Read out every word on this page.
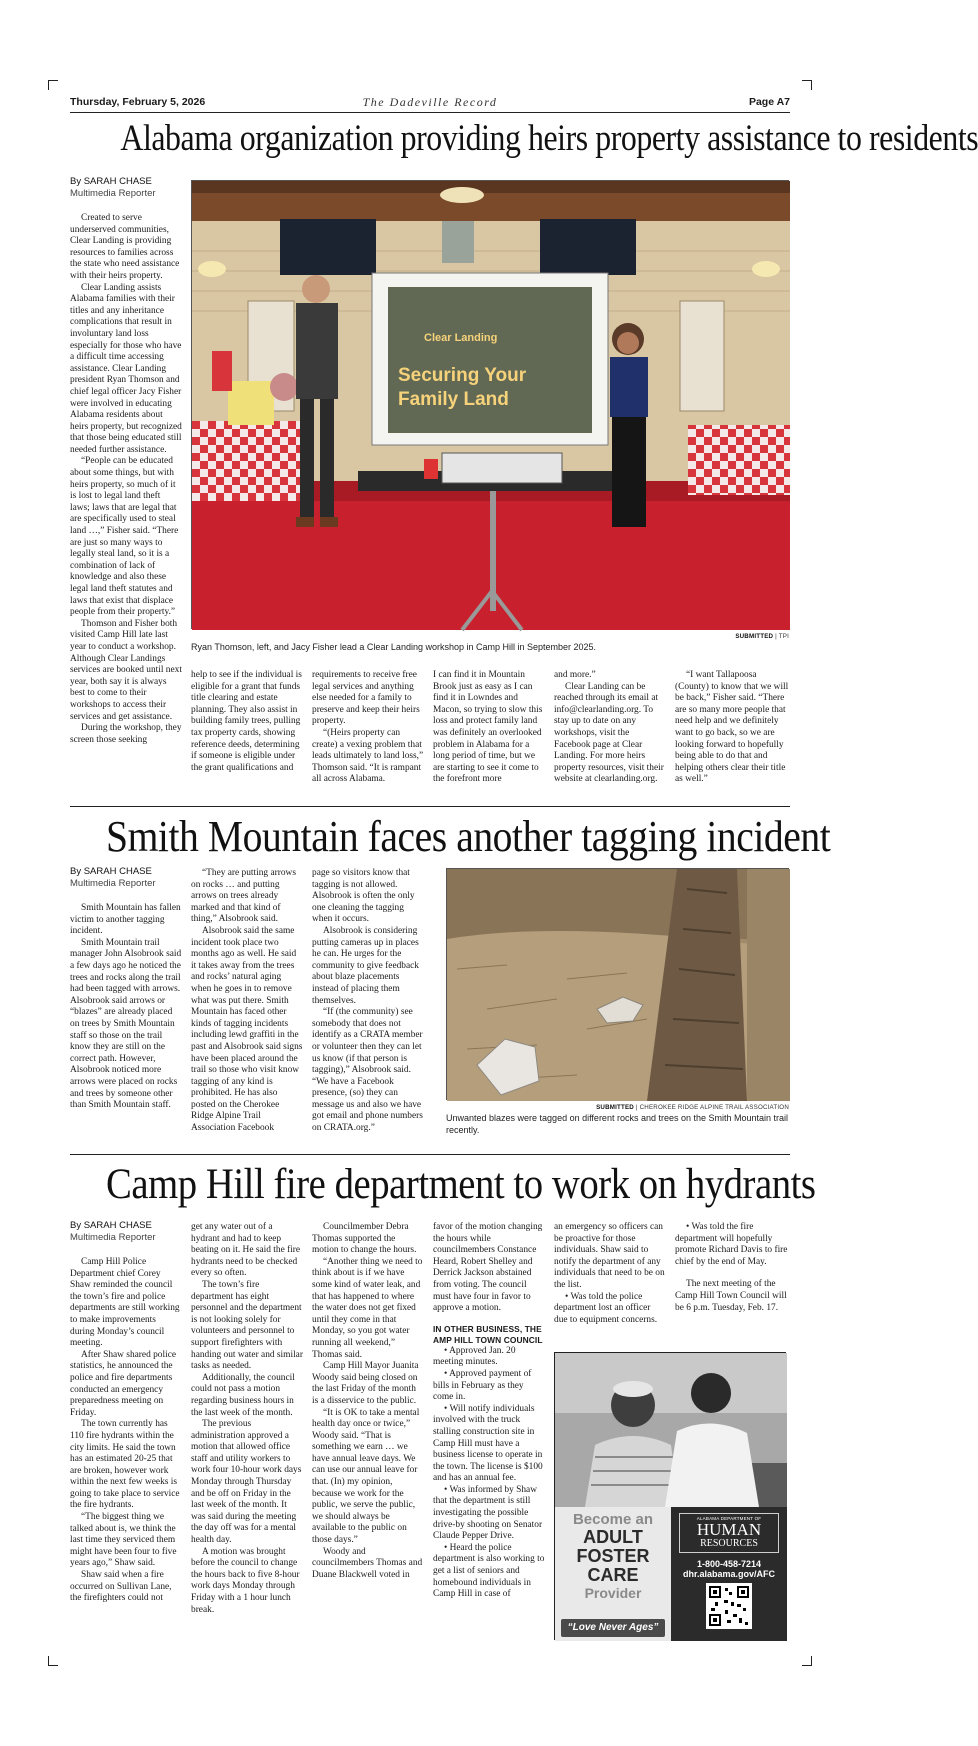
Thursday, February 5, 2026	The Dadeville Record	Page A7
Alabama organization providing heirs property assistance to residents
By SARAH CHASE
Multimedia Reporter

Created to serve underserved communities, Clear Landing is providing resources to families across the state who need assistance with their heirs property.

Clear Landing assists Alabama families with their titles and any inheritance complications that result in involuntary land loss especially for those who have a difficult time accessing assistance. Clear Landing president Ryan Thomson and chief legal officer Jacy Fisher were involved in educating Alabama residents about heirs property, but recognized that those being educated still needed further assistance.

“People can be educated about some things, but with heirs property, so much of it is lost to legal land theft laws; laws that are legal that are specifically used to steal land …,” Fisher said. “There are just so many ways to legally steal land, so it is a combination of lack of knowledge and also these legal land theft statutes and laws that exist that displace people from their property.”

Thomson and Fisher both visited Camp Hill late last year to conduct a workshop. Although Clear Landings services are booked until next year, both say it is always best to come to their workshops to access their services and get assistance.

During the workshop, they screen those seeking

Clear Landing
Securing Your
Family Land
SUBMITTED | TPI
Ryan Thomson, left, and Jacy Fisher lead a Clear Landing workshop in Camp Hill in September 2025.

help to see if the individual is eligible for a grant that funds title clearing and estate planning. They also assist in building family trees, pulling tax property cards, showing reference deeds, determining if someone is eligible under the grant qualifications and

requirements to receive free legal services and anything else needed for a family to preserve and keep their heirs property.

“(Heirs property can create) a vexing problem that leads ultimately to land loss,” Thomson said. “It is rampant all across Alabama.

I can find it in Mountain Brook just as easy as I can find it in Lowndes and Macon, so trying to slow this loss and protect family land was definitely an overlooked problem in Alabama for a long period of time, but we are starting to see it come to the forefront more

and more.”

Clear Landing can be reached through its email at info@clearlanding.org. To stay up to date on any workshops, visit the Facebook page at Clear Landing. For more heirs property resources, visit their website at clearlanding.org.

“I want Tallapoosa (County) to know that we will be back,” Fisher said. “There are so many more people that need help and we definitely want to go back, so we are looking forward to hopefully being able to do that and helping others clear their title as well.”

Smith Mountain faces another tagging incident
By SARAH CHASE
Multimedia Reporter

Smith Mountain has fallen victim to another tagging incident.

Smith Mountain trail manager John Alsobrook said a few days ago he noticed the trees and rocks along the trail had been tagged with arrows. Alsobrook said arrows or “blazes” are already placed on trees by Smith Mountain staff so those on the trail know they are still on the correct path. However, Alsobrook noticed more arrows were placed on rocks and trees by someone other than Smith Mountain staff.

“They are putting arrows on rocks … and putting arrows on trees already marked and that kind of thing,” Alsobrook said.

Alsobrook said the same incident took place two months ago as well. He said it takes away from the trees and rocks’ natural aging when he goes in to remove what was put there. Smith Mountain has faced other kinds of tagging incidents including lewd graffiti in the past and Alsobrook said signs have been placed around the trail so those who visit know tagging of any kind is prohibited. He has also posted on the Cherokee Ridge Alpine Trail Association Facebook

page so visitors know that tagging is not allowed. Alsobrook is often the only one cleaning the tagging when it occurs.

Alsobrook is considering putting cameras up in places he can. He urges for the community to give feedback about blaze placements instead of placing them themselves.

“If (the community) see somebody that does not identify as a CRATA member or volunteer then they can let us know (if that person is tagging),” Alsobrook said. “We have a Facebook presence, (so) they can message us and also we have got email and phone numbers on CRATA.org.”

SUBMITTED | CHEROKEE RIDGE ALPINE TRAIL ASSOCIATION
Unwanted blazes were tagged on different rocks and trees on the Smith Mountain trail recently.
Camp Hill fire department to work on hydrants
By SARAH CHASE
Multimedia Reporter

Camp Hill Police Department chief Corey Shaw reminded the council the town’s fire and police departments are still working to make improvements during Monday’s council meeting.

After Shaw shared police statistics, he announced the police and fire departments conducted an emergency preparedness meeting on Friday.

The town currently has 110 fire hydrants within the city limits. He said the town has an estimated 20-25 that are broken, however work within the next few weeks is going to take place to service the fire hydrants.

“The biggest thing we talked about is, we think the last time they serviced them might have been four to five years ago,” Shaw said.

Shaw said when a fire occurred on Sullivan Lane, the firefighters could not

get any water out of a hydrant and had to keep beating on it. He said the fire hydrants need to be checked every so often.

The town’s fire department has eight personnel and the department is not looking solely for volunteers and personnel to support firefighters with handing out water and similar tasks as needed.

Additionally, the council could not pass a motion regarding business hours in the last week of the month.

The previous administration approved a motion that allowed office staff and utility workers to work four 10-hour work days Monday through Thursday and be off on Friday in the last week of the month. It was said during the meeting the day off was for a mental health day.

A motion was brought before the council to change the hours back to five 8-hour work days Monday through Friday with a 1 hour lunch break.

Councilmember Debra Thomas supported the motion to change the hours.

“Another thing we need to think about is if we have some kind of water leak, and that has happened to where the water does not get fixed until they come in that Monday, so you got water running all weekend,” Thomas said.

Camp Hill Mayor Juanita Woody said being closed on the last Friday of the month is a disservice to the public.

“It is OK to take a mental health day once or twice,” Woody said. “That is something we earn … we have annual leave days. We can use our annual leave for that. (In) my opinion, because we work for the public, we serve the public, we should always be available to the public on those days.”

Woody and councilmembers Thomas and Duane Blackwell voted in

favor of the motion changing the hours while councilmembers Constance Heard, Robert Shelley and Derrick Jackson abstained from voting. The council must have four in favor to approve a motion.

IN OTHER BUSINESS, THE AMP HILL TOWN COUNCIL

• Approved Jan. 20 meeting minutes.

• Approved payment of bills in February as they come in.

• Will notify individuals involved with the truck stalling construction site in Camp Hill must have a business license to operate in the town. The license is $100 and has an annual fee.

• Was informed by Shaw that the department is still investigating the possible drive-by shooting on Senator Claude Pepper Drive.

• Heard the police department is also working to get a list of seniors and homebound individuals in Camp Hill in case of

an emergency so officers can be proactive for those individuals. Shaw said to notify the department of any individuals that need to be on the list.

• Was told the police department lost an officer due to equipment concerns.

• Was told the fire department will hopefully promote Richard Davis to fire chief by the end of May.

The next meeting of the Camp Hill Town Council will be 6 p.m. Tuesday, Feb. 17.

Become an
ADULT
FOSTER
CARE
Provider
“Love Never Ages”
ALABAMA DEPARTMENT OF
HUMAN
RESOURCES
1-800-458-7214
dhr.alabama.gov/AFC
